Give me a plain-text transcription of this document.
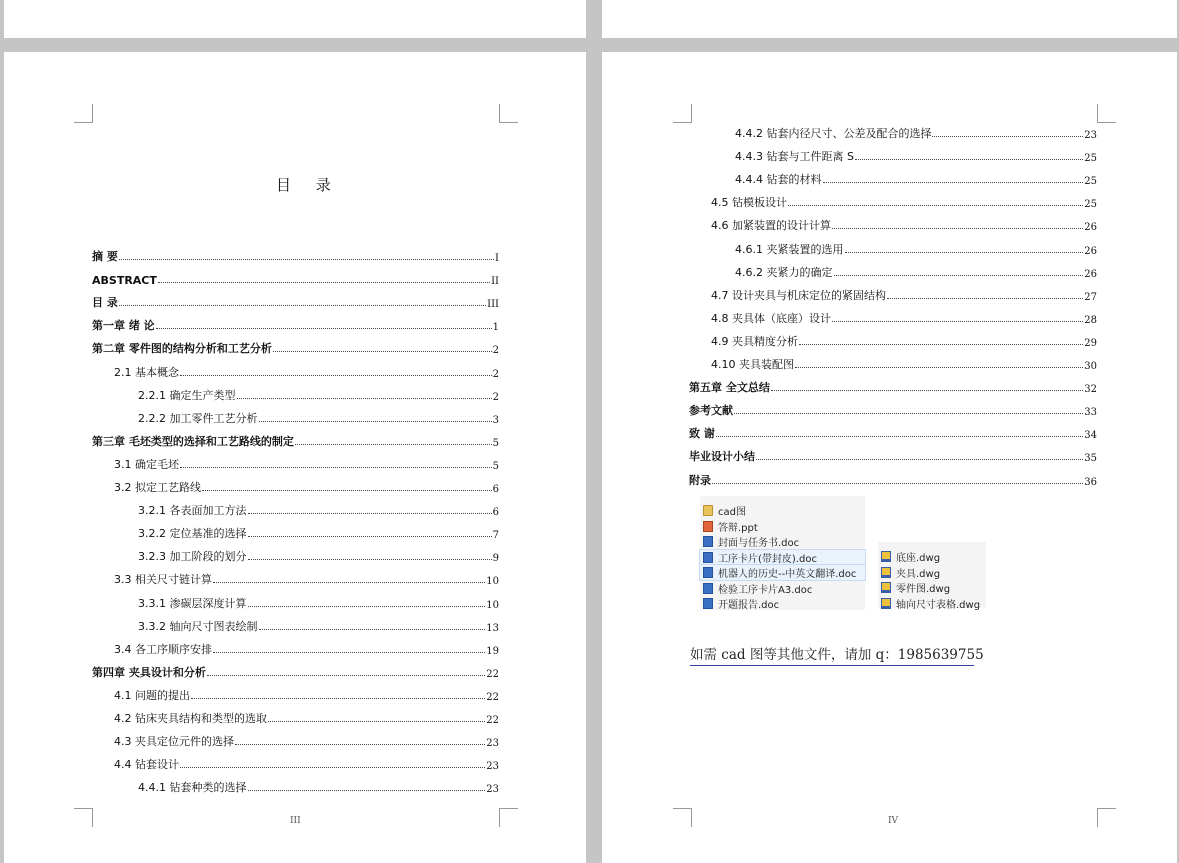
目 录
摘 要	I
ABSTRACT	II
目 录	III
第一章 绪 论	1
第二章 零件图的结构分析和工艺分析	2
2.1 基本概念	2
2.2.1 确定生产类型	2
2.2.2 加工零件工艺分析	3
第三章 毛坯类型的选择和工艺路线的制定	5
3.1 确定毛坯	5
3.2 拟定工艺路线	6
3.2.1 各表面加工方法	6
3.2.2 定位基准的选择	7
3.2.3 加工阶段的划分	9
3.3 相关尺寸链计算	10
3.3.1 渗碳层深度计算	10
3.3.2 轴向尺寸图表绘制	13
3.4 各工序顺序安排	19
第四章 夹具设计和分析	22
4.1 问题的提出	22
4.2 钻床夹具结构和类型的选取	22
4.3 夹具定位元件的选择	23
4.4 钻套设计	23
4.4.1 钻套种类的选择	23
III
4.4.2 钻套内径尺寸、公差及配合的选择	23
4.4.3 钻套与工件距离 S	25
4.4.4 钻套的材料	25
4.5 钻模板设计	25
4.6 加紧装置的设计计算	26
4.6.1 夹紧装置的选用	26
4.6.2 夹紧力的确定	26
4.7 设计夹具与机床定位的紧固结构	27
4.8 夹具体（底座）设计	28
4.9 夹具精度分析	29
4.10 夹具装配图	30
第五章 全文总结	32
参考文献	33
致 谢	34
毕业设计小结	35
附录	36
cad图
答辩.ppt
封面与任务书.doc
工序卡片(带封皮).doc
机器人的历史--中英文翻译.doc
检验工序卡片A3.doc
开题报告.doc
底座.dwg
夹具.dwg
零件图.dwg
轴向尺寸表格.dwg
如需 cad 图等其他文件，请加 q：1985639755
IV
